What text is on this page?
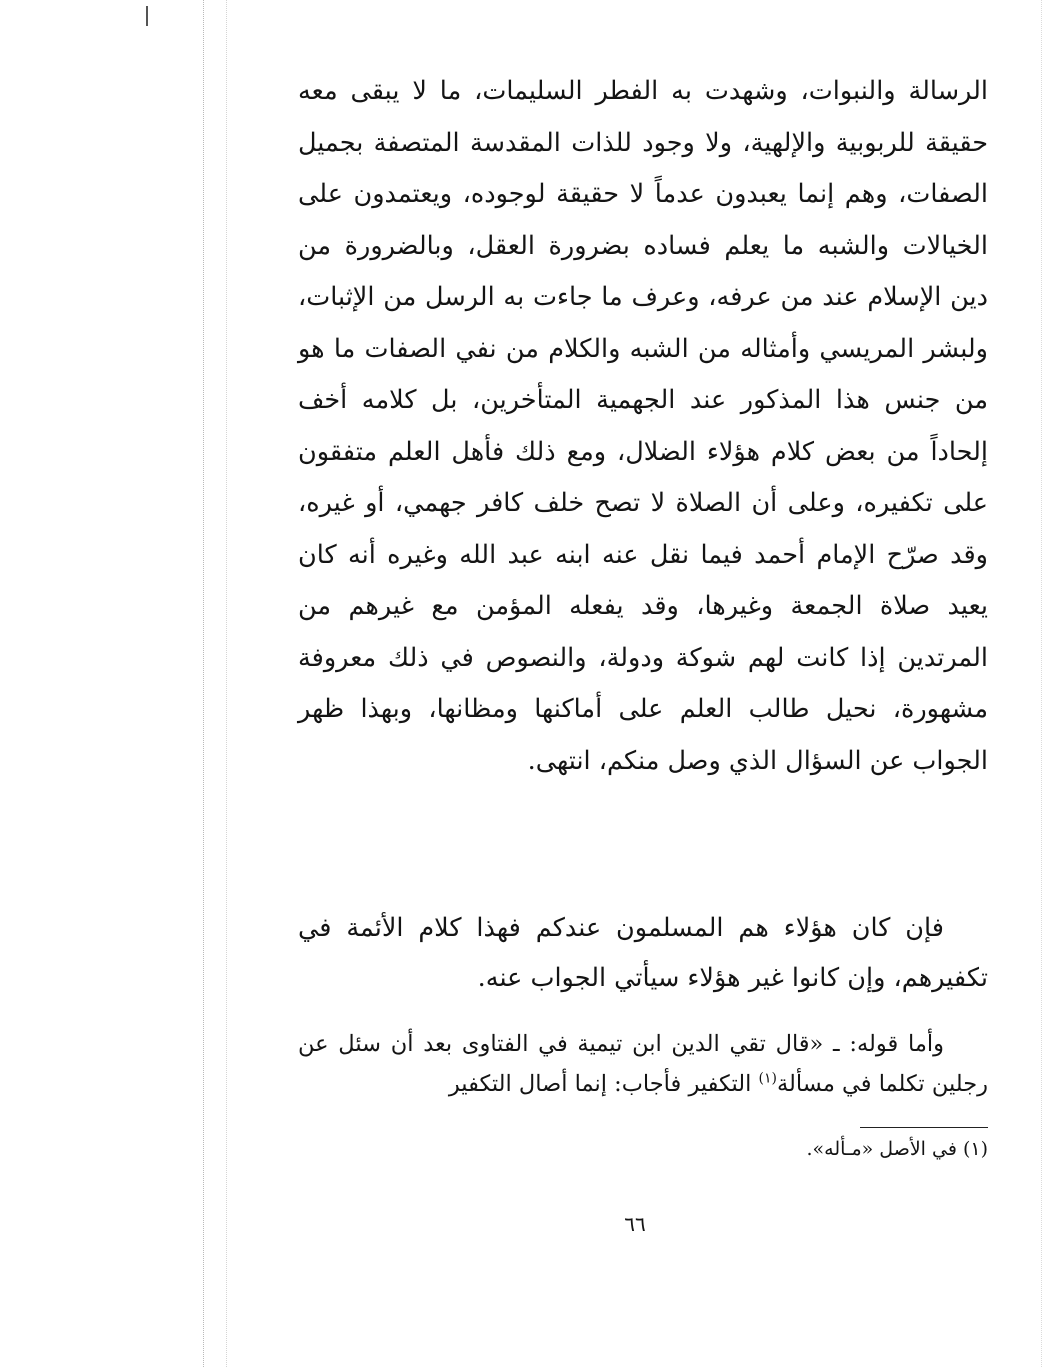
الرسالة والنبوات، وشهدت به الفطر السليمات، ما لا يبقى معه حقيقة للربوبية والإلهية، ولا وجود للذات المقدسة المتصفة بجميل الصفات، وهم إنما يعبدون عدماً لا حقيقة لوجوده، ويعتمدون على الخيالات والشبه ما يعلم فساده بضرورة العقل، وبالضرورة من دين الإسلام عند من عرفه، وعرف ما جاءت به الرسل من الإثبات، ولبشر المريسي وأمثاله من الشبه والكلام من نفي الصفات ما هو من جنس هذا المذكور عند الجهمية المتأخرين، بل كلامه أخف إلحاداً من بعض كلام هؤلاء الضلال، ومع ذلك فأهل العلم متفقون على تكفيره، وعلى أن الصلاة لا تصح خلف كافر جهمي، أو غيره، وقد صرّح الإمام أحمد فيما نقل عنه ابنه عبد الله وغيره أنه كان يعيد صلاة الجمعة وغيرها، وقد يفعله المؤمن مع غيرهم من المرتدين إذا كانت لهم شوكة ودولة، والنصوص في ذلك معروفة مشهورة، نحيل طالب العلم على أماكنها ومظانها، وبهذا ظهر الجواب عن السؤال الذي وصل منكم، انتهى.
فإن كان هؤلاء هم المسلمون عندكم فهذا كلام الأئمة في تكفيرهم، وإن كانوا غير هؤلاء سيأتي الجواب عنه.
وأما قوله: ـ «قال تقي الدين ابن تيمية في الفتاوى بعد أن سئل عن رجلين تكلما في مسألة$^{(١)}$ التكفير فأجاب: إنما أصال التكفير
(١) في الأصل «مـأله».
٦٦
